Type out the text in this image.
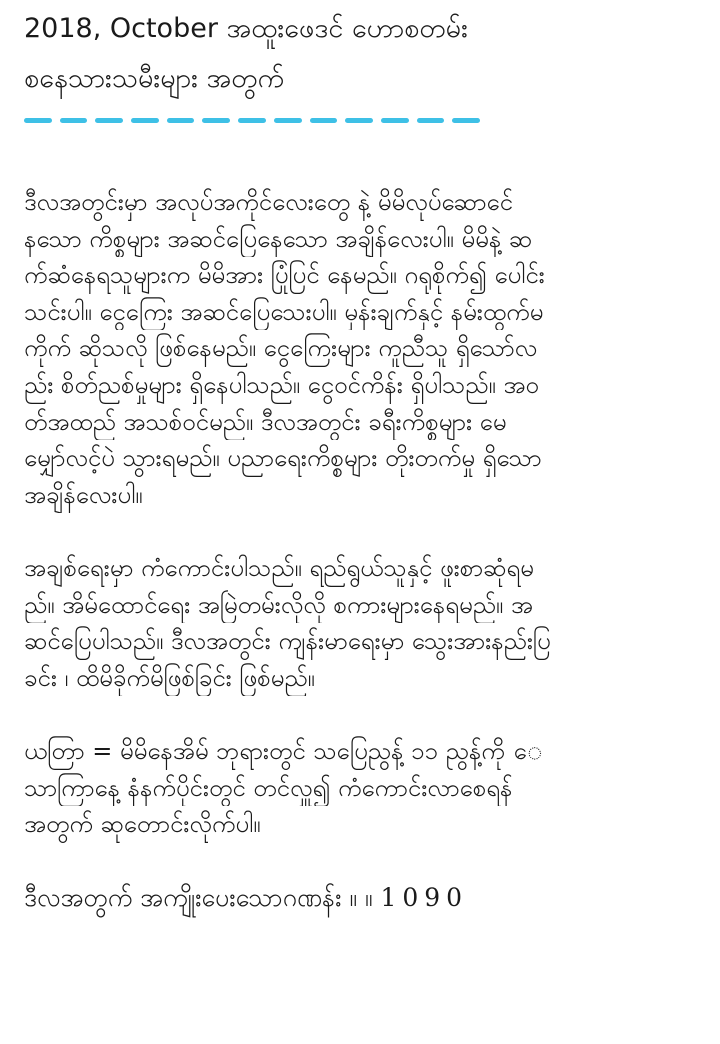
2018, October အထူးဖေဒင် ဟောစတမ်း

စနေသားသမီးများ အတွက်

ဒီလအတွင်းမှာ အလုပ်အကိုင်လေးတွေ နဲ့ မိမိလုပ်ဆောင်ေ
နသော ကိစ္စများ အဆင်ပြေနေသော အချိန်လေးပါ။ မိမိနဲ့ ဆ
က်ဆံနေရသူများက မိမိအား ပြုံပြင် နေမည်။ ဂရုစိုက်၍ ပေါင်း
သင်းပါ။ ငွေကြေး အဆင်ပြေသေးပါ။ မှန်းချက်နှင့် နမ်းထွက်မ
ကိုက် ဆိုသလို ဖြစ်နေမည်။ ငွေကြေးများ ကူညီသူ ရှိသော်လ
ည်း စိတ်ညစ်မှုများ ရှိနေပါသည်။ ငွေဝင်ကိန်း ရှိပါသည်။ အဝ
တ်အထည် အသစ်ဝင်မည်။ ဒီလအတွင်း ခရီးကိစ္စများ မေ
မျှော်လင့်ပဲ သွားရမည်။ ပညာရေးကိစ္စများ တိုးတက်မှု ရှိသော
အချိန်လေးပါ။
အချစ်ရေးမှာ ကံကောင်းပါသည်။ ရည်ရွယ်သူနှင့် ဖူးစာဆုံရမ
ည်။ အိမ်ထောင်ရေး အမြဲတမ်းလိုလို စကားများနေရမည်။ အ
ဆင်ပြေပါသည်။ ဒီလအတွင်း ကျန်းမာရေးမှာ သွေးအားနည်းပြ
ခင်း ၊ ထိမိခိုက်မိဖြစ်ခြင်း ဖြစ်မည်။
ယတြာ = မိမိနေအိမ် ဘုရားတွင် သပြေညွန့် ၁၁ ညွန့်ကို ေ
သာကြာနေ့ နံနက်ပိုင်းတွင် တင်လှူ၍ ကံကောင်းလာစေရန်
အတွက် ဆုတောင်းလိုက်ပါ။

ဒီလအတွက် အကျိုးပေးသောဂဏန်း ။ ။ 1090
